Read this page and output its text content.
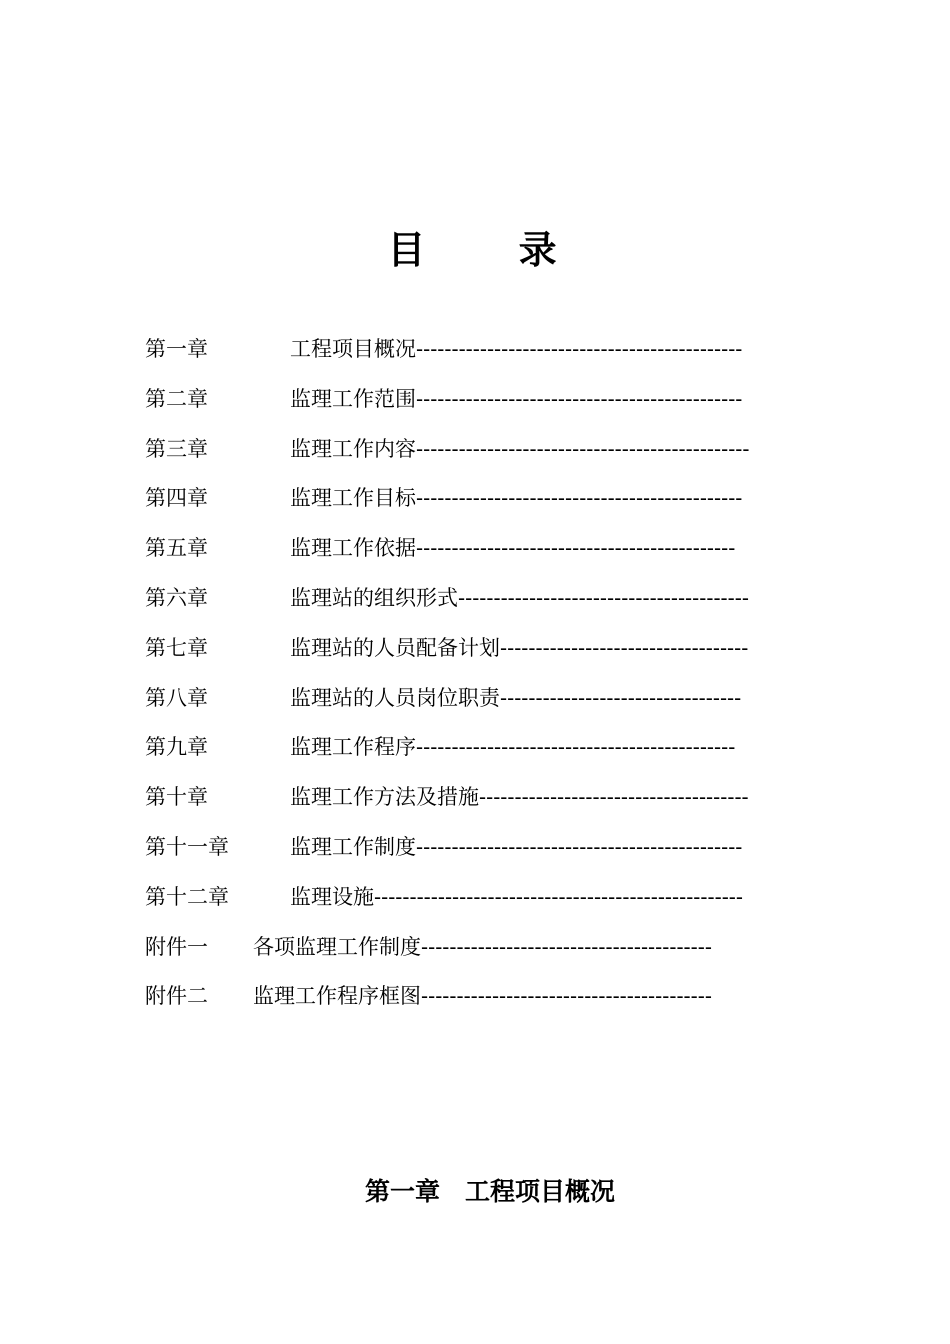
目 录
第一章	工程项目概况----------------------------------------------
第二章	监理工作范围----------------------------------------------
第三章	监理工作内容-----------------------------------------------
第四章	监理工作目标----------------------------------------------
第五章	监理工作依据---------------------------------------------
第六章	监理站的组织形式-----------------------------------------
第七章	监理站的人员配备计划-----------------------------------
第八章	监理站的人员岗位职责----------------------------------
第九章	监理工作程序---------------------------------------------
第十章	监理工作方法及措施--------------------------------------
第十一章	监理工作制度----------------------------------------------
第十二章	监理设施----------------------------------------------------
附件一 各项监理工作制度-----------------------------------------
附件二 监理工作程序框图-----------------------------------------
第一章　工程项目概况
